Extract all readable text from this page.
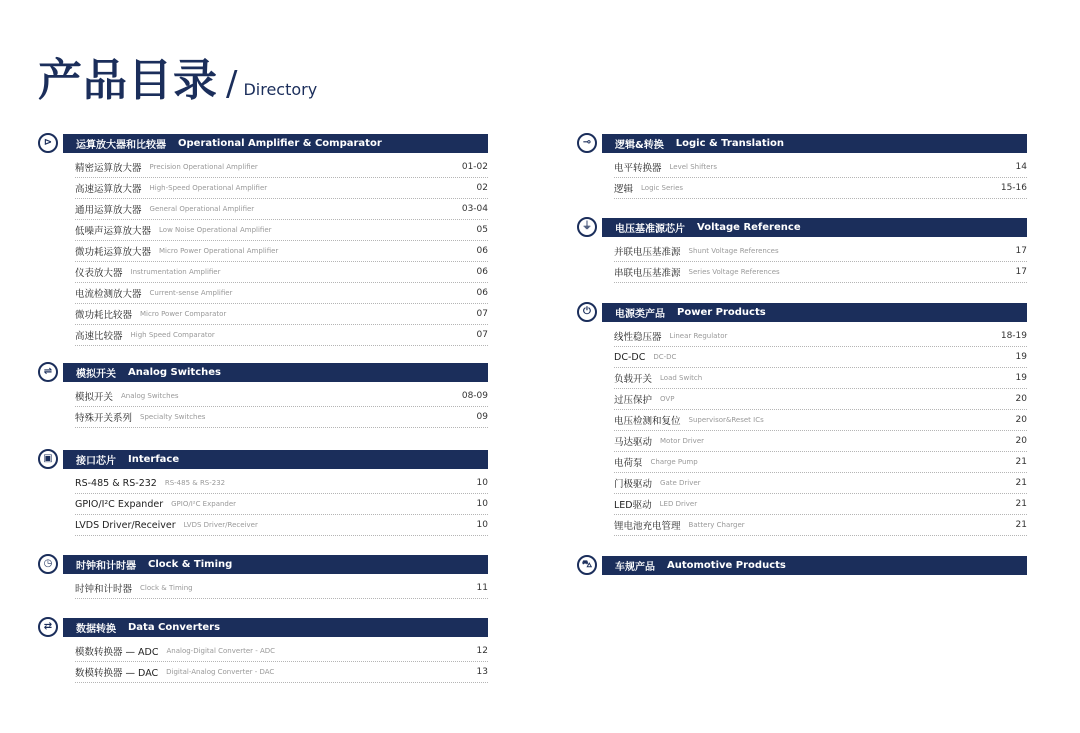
产品目录 / Directory
⊳	运算放大器和比较器 Operational Amplifier & Comparator
精密运算放大器 Precision Operational Amplifier	01-02
高速运算放大器 High-Speed Operational Amplifier	02
通用运算放大器 General Operational Amplifier	03-04
低噪声运算放大器 Low Noise Operational Amplifier	05
微功耗运算放大器 Micro Power Operational Amplifier	06
仪表放大器 Instrumentation Amplifier	06
电流检测放大器 Current-sense Amplifier	06
微功耗比较器 Micro Power Comparator	07
高速比较器 High Speed Comparator	07
⇌	模拟开关 Analog Switches
模拟开关 Analog Switches	08-09
特殊开关系列 Specialty Switches	09
▣	接口芯片 Interface
RS-485 & RS-232 RS-485 & RS-232	10
GPIO/I²C Expander GPIO/I²C Expander	10
LVDS Driver/Receiver LVDS Driver/Receiver	10
◷	时钟和计时器 Clock & Timing
时钟和计时器 Clock & Timing	11
⇄	数据转换 Data Converters
模数转换器 — ADC Analog-Digital Converter - ADC	12
数模转换器 — DAC Digital-Analog Converter - DAC	13
⊸	逻辑&转换 Logic & Translation
电平转换器 Level Shifters	14
逻辑 Logic Series	15-16
⏚	电压基准源芯片 Voltage Reference
并联电压基准源 Shunt Voltage References	17
串联电压基准源 Series Voltage References	17
⏻	电源类产品 Power Products
线性稳压器 Linear Regulator	18-19
DC-DC DC-DC	19
负载开关 Load Switch	19
过压保护 OVP	20
电压检测和复位 Supervisor&Reset ICs	20
马达驱动 Motor Driver	20
电荷泵 Charge Pump	21
门极驱动 Gate Driver	21
LED驱动 LED Driver	21
锂电池充电管理 Battery Charger	21
⛍	车规产品 Automotive Products
